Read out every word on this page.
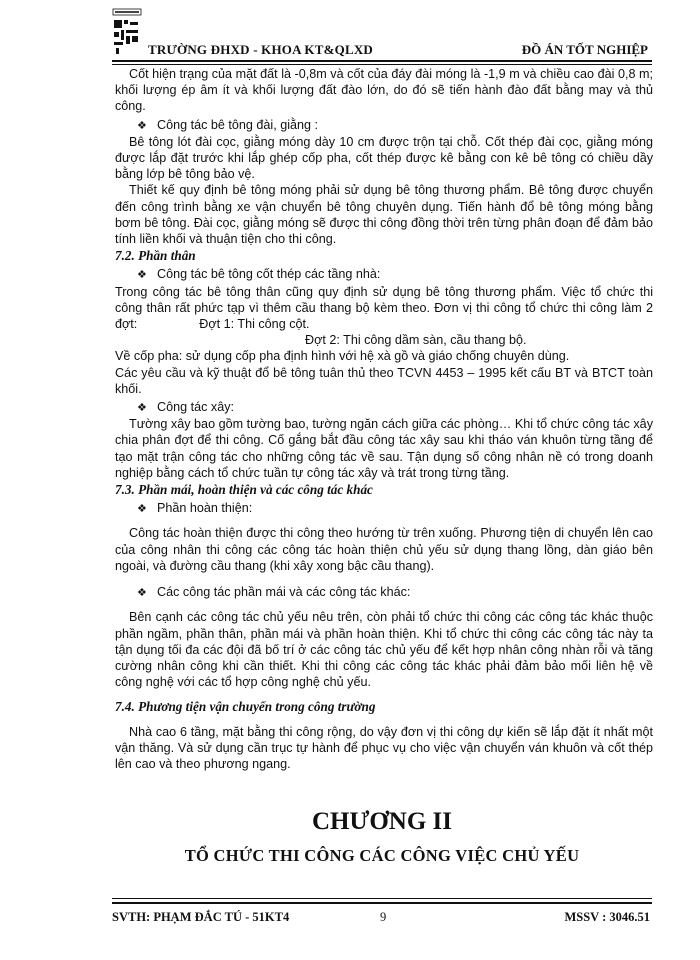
TRƯỜNG ĐHXD - KHOA KT&QLXD	ĐỒ ÁN TỐT NGHIỆP

Cốt hiện trạng của mặt đất là -0,8m và cốt của đáy đài móng là -1,9 m và chiều cao đài 0,8 m; khối lượng ép âm ít và khối lượng đất đào lớn, do đó sẽ tiến hành đào đất bằng may và thủ công.

❖ Công tác bê tông đài, giằng :

Bê tông lót đài cọc, giằng móng dày 10 cm được trộn tại chỗ. Cốt thép đài cọc, giằng móng được lắp đặt trước khi lắp ghép cốp pha, cốt thép được kê bằng con kê bê tông có chiều dầy bằng lớp bê tông bảo vệ.

Thiết kế quy định bê tông móng phải sử dụng bê tông thương phẩm. Bê tông được chuyển đến công trình bằng xe vận chuyển bê tông chuyên dụng. Tiến hành đổ bê tông móng bằng bơm bê tông. Đài cọc, giằng móng sẽ được thi công đồng thời trên từng phân đoạn để đảm bảo tính liền khối và thuận tiện cho thi công.

7.2. Phần thân

❖ Công tác bê tông cốt thép các tầng nhà:

Trong công tác bê tông thân cũng quy định sử dụng bê tông thương phẩm. Việc tổ chức thi công thân rất phức tạp vì thêm cầu thang bộ kèm theo. Đơn vị thi công tổ chức thi công làm 2 đợt:	Đợt 1: Thi công cột.

Đợt 2: Thi công dầm sàn, cầu thang bộ.

Về cốp pha: sử dụng cốp pha định hình với hệ xà gồ và giáo chống chuyên dùng.

Các yêu cầu và kỹ thuật đổ bê tông tuân thủ theo TCVN 4453 – 1995 kết cấu BT và BTCT toàn khối.

❖ Công tác xây:

Tường xây bao gồm tường bao, tường ngăn cách giữa các phòng… Khi tổ chức công tác xây chia phân đợt để thi công. Cố gắng bắt đầu công tác xây sau khi tháo ván khuôn từng tầng để tạo mặt trận công tác cho những công tác về sau. Tận dụng số công nhân nề có trong doanh nghiệp bằng cách tổ chức tuần tự công tác xây và trát trong từng tầng.

7.3. Phần mái, hoàn thiện và các công tác khác

❖ Phần hoàn thiện:

Công tác hoàn thiện được thi công theo hướng từ trên xuống. Phương tiện di chuyển lên cao của công nhân thi công các công tác hoàn thiện chủ yếu sử dụng thang lồng, dàn giáo bên ngoài, và đường cầu thang (khi xây xong bậc cầu thang).

❖ Các công tác phần mái và các công tác khác:

Bên cạnh các công tác chủ yếu nêu trên, còn phải tổ chức thi công các công tác khác thuộc phần ngầm, phần thân, phần mái và phần hoàn thiện. Khi tổ chức thi công các công tác này ta tận dụng tối đa các đội đã bố trí ở các công tác chủ yếu để kết hợp nhân công nhàn rỗi và tăng cường nhân công khi cần thiết. Khi thi công các công tác khác phải đảm bảo mối liên hệ về công nghệ với các tổ hợp công nghệ chủ yếu.

7.4. Phương tiện vận chuyển trong công trường

Nhà cao 6 tầng, mặt bằng thi công rộng, do vậy đơn vị thi công dự kiến sẽ lắp đặt ít nhất một vận thăng. Và sử dụng cần trục tự hành để phục vụ cho việc vận chuyển ván khuôn và cốt thép lên cao và theo phương ngang.

CHƯƠNG II
TỔ CHỨC THI CÔNG CÁC CÔNG VIỆC CHỦ YẾU
SVTH: PHẠM ĐẮC TÚ - 51KT4	9	MSSV : 3046.51
